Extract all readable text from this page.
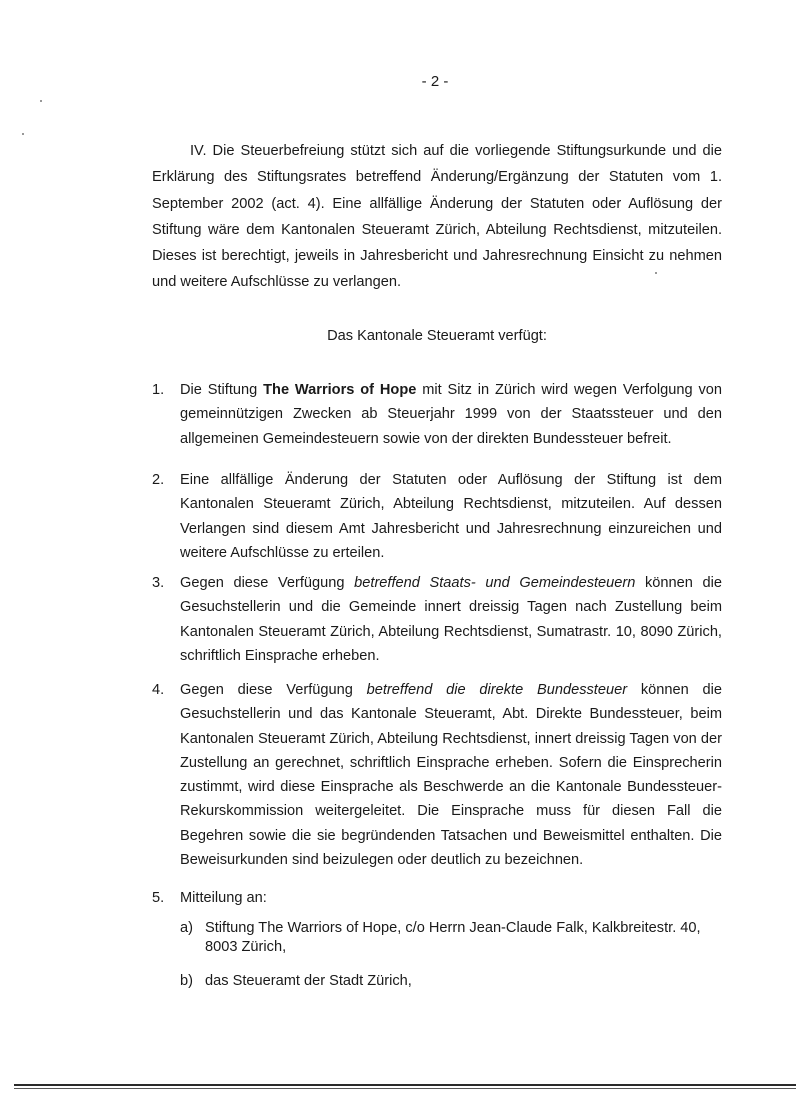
- 2 -
IV. Die Steuerbefreiung stützt sich auf die vorliegende Stiftungsurkunde und die Erklärung des Stiftungsrates betreffend Änderung/Ergänzung der Statuten vom 1. September 2002 (act. 4). Eine allfällige Änderung der Statuten oder Auflösung der Stiftung wäre dem Kantonalen Steueramt Zürich, Abteilung Rechtsdienst, mitzuteilen. Dieses ist berechtigt, jeweils in Jahresbericht und Jahresrechnung Einsicht zu nehmen und weitere Aufschlüsse zu verlangen.
Das Kantonale Steueramt verfügt:
1. Die Stiftung The Warriors of Hope mit Sitz in Zürich wird wegen Verfolgung von gemeinnützigen Zwecken ab Steuerjahr 1999 von der Staatssteuer und den allgemeinen Gemeindesteuern sowie von der direkten Bundessteuer befreit.
2. Eine allfällige Änderung der Statuten oder Auflösung der Stiftung ist dem Kantonalen Steueramt Zürich, Abteilung Rechtsdienst, mitzuteilen. Auf dessen Verlangen sind diesem Amt Jahresbericht und Jahresrechnung einzureichen und weitere Aufschlüsse zu erteilen.
3. Gegen diese Verfügung betreffend Staats- und Gemeindesteuern können die Gesuchstellerin und die Gemeinde innert dreissig Tagen nach Zustellung beim Kantonalen Steueramt Zürich, Abteilung Rechtsdienst, Sumatrastr. 10, 8090 Zürich, schriftlich Einsprache erheben.
4. Gegen diese Verfügung betreffend die direkte Bundessteuer können die Gesuchstellerin und das Kantonale Steueramt, Abt. Direkte Bundessteuer, beim Kantonalen Steueramt Zürich, Abteilung Rechtsdienst, innert dreissig Tagen von der Zustellung an gerechnet, schriftlich Einsprache erheben. Sofern die Einsprecherin zustimmt, wird diese Einsprache als Beschwerde an die Kantonale Bundessteuer-Rekurskommission weitergeleitet. Die Einsprache muss für diesen Fall die Begehren sowie die sie begründenden Tatsachen und Beweismittel enthalten. Die Beweisurkunden sind beizulegen oder deutlich zu bezeichnen.
5. Mitteilung an:
a) Stiftung The Warriors of Hope, c/o Herrn Jean-Claude Falk, Kalkbreitestr. 40,
8003 Zürich,
b) das Steueramt der Stadt Zürich,
